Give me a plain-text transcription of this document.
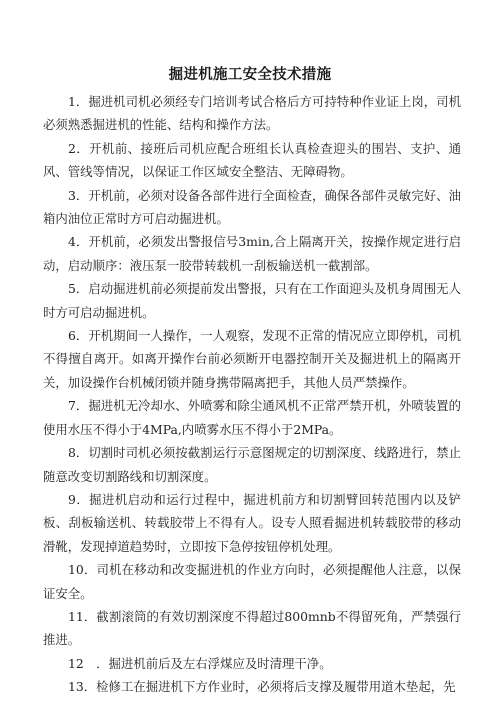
掘进机施工安全技术措施

1．掘进机司机必须经专门培训考试合格后方可持特种作业证上岗，司机必须熟悉掘进机的性能、结构和操作方法。

2．开机前、接班后司机应配合班组长认真检查迎头的围岩、支护、通风、管线等情况，以保证工作区域安全整洁、无障碍物。

3．开机前，必须对设备各部件进行全面检查，确保各部件灵敏完好、油箱内油位正常时方可启动掘进机。

4．开机前，必须发出警报信号3min,合上隔离开关，按操作规定进行启动，启动顺序：液压泵一胶带转载机一刮板输送机一截割部。

5．启动掘进机前必须提前发出警报，只有在工作面迎头及机身周围无人时方可启动掘进机。

6．开机期间一人操作，一人观察，发现不正常的情况应立即停机，司机不得擅自离开。如离开操作台前必须断开电器控制开关及掘进机上的隔离开关，加设操作台机械闭锁并随身携带隔离把手，其他人员严禁操作。

7．掘进机无冷却水、外喷雾和除尘通风机不正常严禁开机，外喷装置的使用水压不得小于4MPa,内喷雾水压不得小于2MPa。

8．切割时司机必须按截割运行示意图规定的切割深度、线路进行，禁止随意改变切割路线和切割深度。

9．掘进机启动和运行过程中，掘进机前方和切割臂回转范围内以及铲板、刮板输送机、转载胶带上不得有人。设专人照看掘进机转载胶带的移动滑靴，发现掉道趋势时，立即按下急停按钮停机处理。

10．司机在移动和改变掘进机的作业方向时，必须提醒他人注意，以保证安全。

11．截割滚筒的有效切割深度不得超过800mnb不得留死角，严禁强行推进。

12　．掘进机前后及左右浮煤应及时清理干净。

13．检修工在掘进机下方作业时，必须将后支撑及履带用道木垫起，先
